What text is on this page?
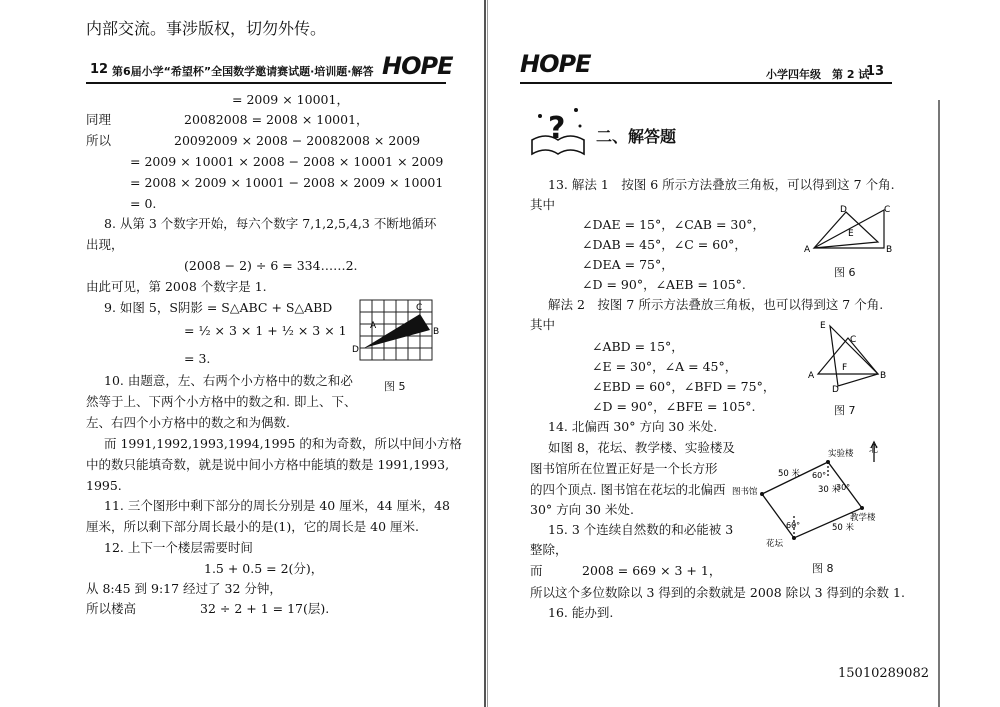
内部交流。事涉版权，切勿外传。
12 第6届小学“希望杯”全国数学邀请赛试题·培训题·解答 HOPE
= 2009 × 10001，
同理	20082008 = 2008 × 10001，
所以	20092009 × 2008 − 20082008 × 2009
= 2009 × 10001 × 2008 − 2008 × 10001 × 2009
= 2008 × 2009 × 10001 − 2008 × 2009 × 10001
= 0.
8. 从第 3 个数字开始，每六个数字 7,1,2,5,4,3 不断地循环
出现，
(2008 − 2) ÷ 6 = 334……2.
由此可见，第 2008 个数字是 1.
9. 如图 5，S阴影 = S△ABC + S△ABD
= ½ × 3 × 1 + ½ × 3 × 1
= 3.
C
A
B
D
图 5
10. 由题意，左、右两个小方格中的数之和必
然等于上、下两个小方格中的数之和. 即上、下、
左、右四个小方格中的数之和为偶数.
而 1991,1992,1993,1994,1995 的和为奇数，所以中间小方格
中的数只能填奇数，就是说中间小方格中能填的数是 1991,1993,
1995.
11. 三个图形中剩下部分的周长分别是 40 厘米，44 厘米，48
厘米，所以剩下部分周长最小的是(1)，它的周长是 40 厘米.
12. 上下一个楼层需要时间
1.5 + 0.5 = 2(分)，
从 8:45 到 9:17 经过了 32 分钟，
所以楼高	32 ÷ 2 + 1 = 17(层).
HOPE	小学四年级　第 2 试
13
? 二、解答题
13. 解法 1　按图 6 所示方法叠放三角板，可以得到这 7 个角.
其中
∠DAE = 15°，∠CAB = 30°，
∠DAB = 45°，∠C = 60°，
∠DEA = 75°，
∠D = 90°，∠AEB = 105°.
D	C
E
A	B
图 6
解法 2　按图 7 所示方法叠放三角板，也可以得到这 7 个角.
其中
∠ABD = 15°，
∠E = 30°，∠A = 45°，
∠EBD = 60°，∠BFD = 75°，
∠D = 90°，∠BFE = 105°.
E
C
F
A
D
B
图 7
14. 北偏西 30° 方向 30 米处.
如图 8，花坛、教学楼、实验楼及
图书馆所在位置正好是一个长方形
的四个顶点. 图书馆在花坛的北偏西
30° 方向 30 米处.
15. 3 个连续自然数的和必能被 3
整除，
而	2008 = 669 × 3 + 1，
所以这个多位数除以 3 得到的余数就是 2008 除以 3 得到的余数 1.
16. 能办到.
北
实验楼
图书馆
教学楼
花坛
50 米
30 米
50 米
60°
30°
60°
图 8
15010289082
